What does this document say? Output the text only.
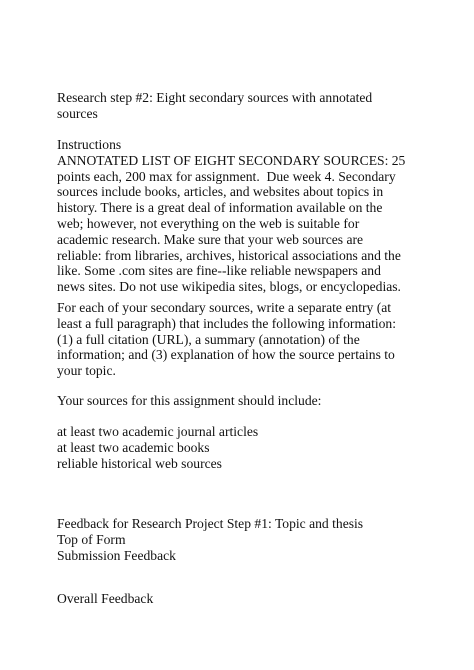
Research step #2: Eight secondary sources with annotated
sources

Instructions
ANNOTATED LIST OF EIGHT SECONDARY SOURCES: 25
points each, 200 max for assignment.  Due week 4. Secondary
sources include books, articles, and websites about topics in
history. There is a great deal of information available on the
web; however, not everything on the web is suitable for
academic research. Make sure that your web sources are
reliable: from libraries, archives, historical associations and the
like. Some .com sites are fine--like reliable newspapers and
news sites. Do not use wikipedia sites, blogs, or encyclopedias.

For each of your secondary sources, write a separate entry (at
least a full paragraph) that includes the following information:
(1) a full citation (URL), a summary (annotation) of the
information; and (3) explanation of how the source pertains to
your topic.

Your sources for this assignment should include:

at least two academic journal articles
at least two academic books
reliable historical web sources

Feedback for Research Project Step #1: Topic and thesis
Top of Form
Submission Feedback

Overall Feedback
